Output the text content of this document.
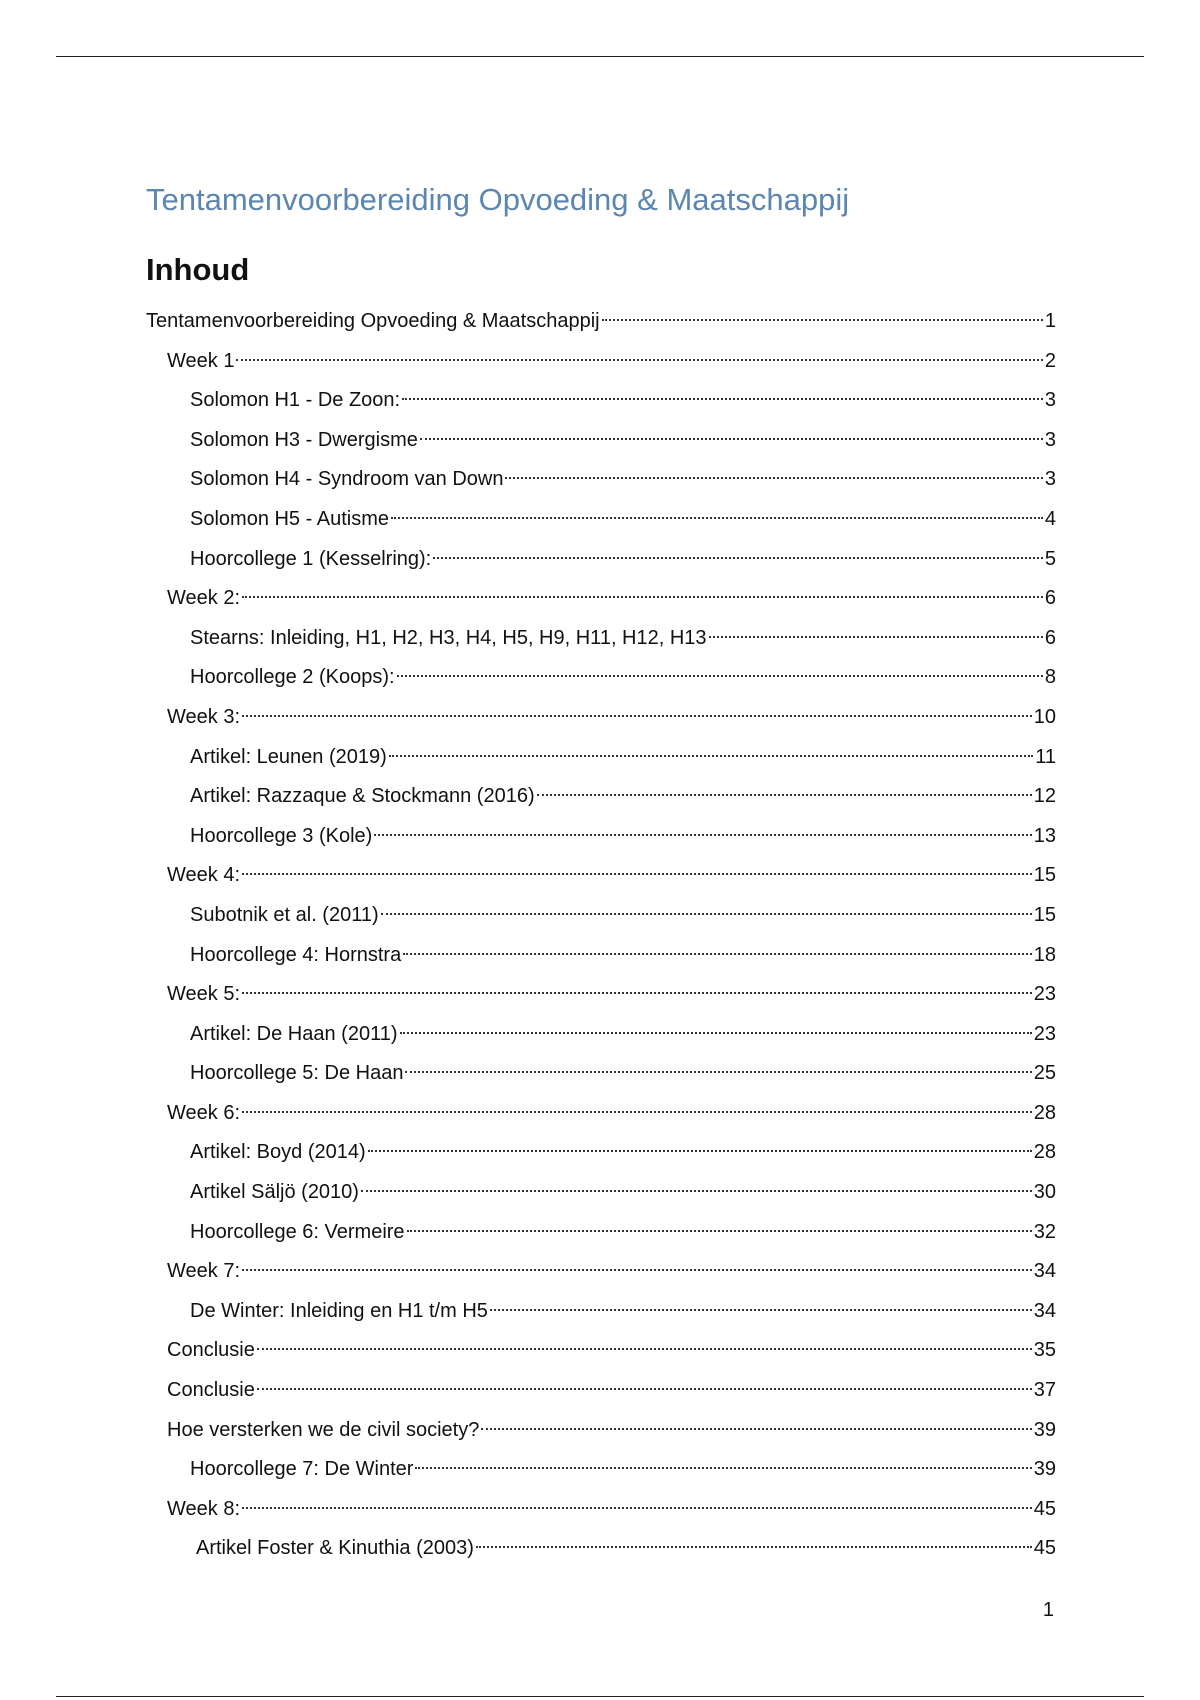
Tentamenvoorbereiding Opvoeding & Maatschappij
Inhoud
Tentamenvoorbereiding Opvoeding & Maatschappij	1
Week 1	2
Solomon H1 - De Zoon:	3
Solomon H3 - Dwergisme	3
Solomon H4 - Syndroom van Down	3
Solomon H5 - Autisme	4
Hoorcollege 1 (Kesselring):	5
Week 2:	6
Stearns: Inleiding, H1, H2, H3, H4, H5, H9, H11, H12, H13	6
Hoorcollege 2 (Koops):	8
Week 3:	10
Artikel: Leunen (2019)	11
Artikel: Razzaque & Stockmann (2016)	12
Hoorcollege 3 (Kole)	13
Week 4:	15
Subotnik et al. (2011)	15
Hoorcollege 4: Hornstra	18
Week 5:	23
Artikel: De Haan (2011)	23
Hoorcollege 5: De Haan	25
Week 6:	28
Artikel: Boyd (2014)	28
Artikel Säljö (2010)	30
Hoorcollege 6: Vermeire	32
Week 7:	34
De Winter: Inleiding en H1 t/m H5	34
Conclusie	35
Conclusie	37
Hoe versterken we de civil society?	39
Hoorcollege 7: De Winter	39
Week 8:	45
Artikel Foster & Kinuthia (2003)	45
1
